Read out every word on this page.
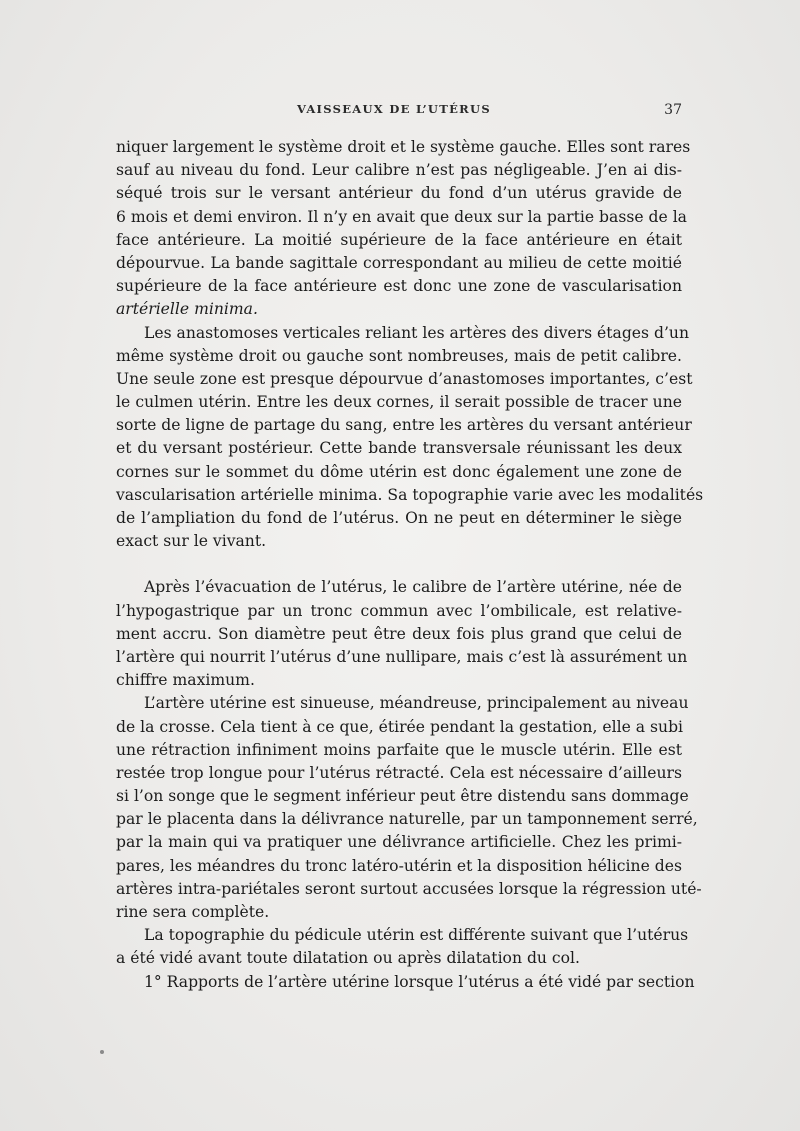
VAISSEAUX DE L’UTÉRUS	37
niquer largement le système droit et le système gauche. Elles sont rares
sauf au niveau du fond. Leur calibre n’est pas négligeable. J’en ai dis-
séqué trois sur le versant antérieur du fond d’un utérus gravide de
6 mois et demi environ. Il n’y en avait que deux sur la partie basse de la
face antérieure. La moitié supérieure de la face antérieure en était
dépourvue. La bande sagittale correspondant au milieu de cette moitié
supérieure de la face antérieure est donc une zone de vascularisation
artérielle minima.
Les anastomoses verticales reliant les artères des divers étages d’un
même système droit ou gauche sont nombreuses, mais de petit calibre.
Une seule zone est presque dépourvue d’anastomoses importantes, c’est
le culmen utérin. Entre les deux cornes, il serait possible de tracer une
sorte de ligne de partage du sang, entre les artères du versant antérieur
et du versant postérieur. Cette bande transversale réunissant les deux
cornes sur le sommet du dôme utérin est donc également une zone de
vascularisation artérielle minima. Sa topographie varie avec les modalités
de l’ampliation du fond de l’utérus. On ne peut en déterminer le siège
exact sur le vivant.
Après l’évacuation de l’utérus, le calibre de l’artère utérine, née de
l’hypogastrique par un tronc commun avec l’ombilicale, est relative-
ment accru. Son diamètre peut être deux fois plus grand que celui de
l’artère qui nourrit l’utérus d’une nullipare, mais c’est là assurément un
chiffre maximum.
L’artère utérine est sinueuse, méandreuse, principalement au niveau
de la crosse. Cela tient à ce que, étirée pendant la gestation, elle a subi
une rétraction infiniment moins parfaite que le muscle utérin. Elle est
restée trop longue pour l’utérus rétracté. Cela est nécessaire d’ailleurs
si l’on songe que le segment inférieur peut être distendu sans dommage
par le placenta dans la délivrance naturelle, par un tamponnement serré,
par la main qui va pratiquer une délivrance artificielle. Chez les primi-
pares, les méandres du tronc latéro-utérin et la disposition hélicine des
artères intra-pariétales seront surtout accusées lorsque la régression uté-
rine sera complète.
La topographie du pédicule utérin est différente suivant que l’utérus
a été vidé avant toute dilatation ou après dilatation du col.
1° Rapports de l’artère utérine lorsque l’utérus a été vidé par section
